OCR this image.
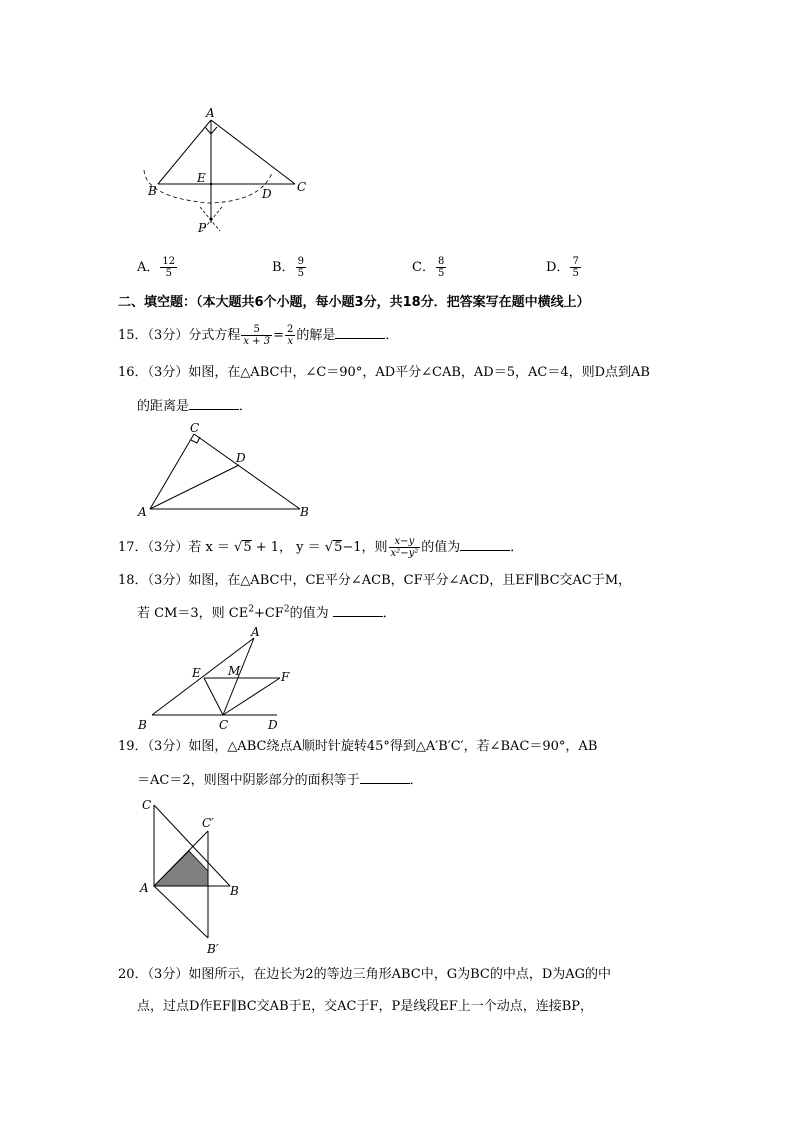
A
B	C
E
D
P
A． $\frac{12}{5}$	B． $\frac{9}{5}$	C． $\frac{8}{5}$	D． $\frac{7}{5}$
二、填空题：（本大题共6个小题，每小题3分，共18分．把答案写在题中横线上）
15．（3分）分式方程 $\frac{5}{x + 3} = \frac{2}{x}$ 的解是	．
16．（3分）如图，在△ABC中，∠C＝90°，AD平分∠CAB，AD＝5，AC＝4，则D点到AB
的距离是	．
C
D
A	B
17．（3分）若 x ＝ √5 + 1， y ＝ √5−1，则 $\frac{x-y}{\text{x²−y²}}$ 的值为	．
18．（3分）如图，在△ABC中，CE平分∠ACB，CF平分∠ACD，且EF∥BC交AC于M，
若 CM＝3，则 $CE^2+CF^2$的值为	．
A
E M	F
B	C	D
19．（3分）如图，△ABC绕点A顺时针旋转45°得到△A′B′C′，若∠BAC＝90°，AB
＝AC＝2，则图中阴影部分的面积等于	．
C
C′
A	B
B′
20．（3分）如图所示，在边长为2的等边三角形ABC中，G为BC的中点，D为AG的中
点，过点D作EF∥BC交AB于E，交AC于F，P是线段EF上一个动点，连接BP，
